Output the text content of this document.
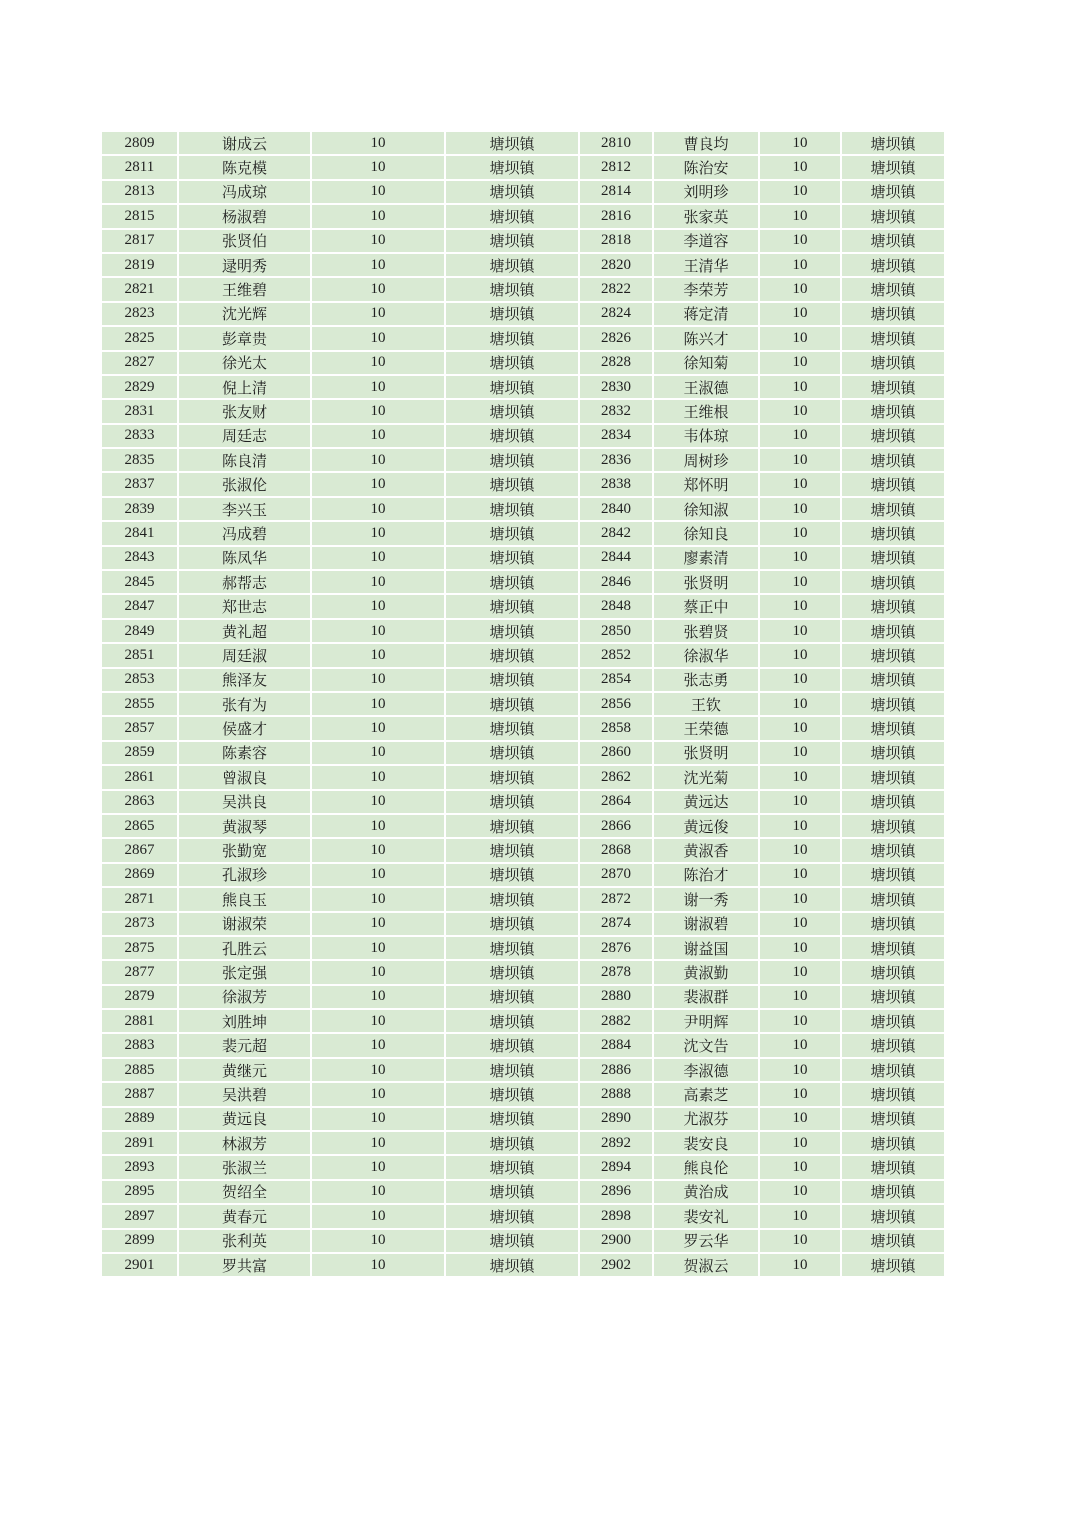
2809	谢成云	10	塘坝镇	2810	曹良均	10	塘坝镇
2811	陈克模	10	塘坝镇	2812	陈治安	10	塘坝镇
2813	冯成琼	10	塘坝镇	2814	刘明珍	10	塘坝镇
2815	杨淑碧	10	塘坝镇	2816	张家英	10	塘坝镇
2817	张贤伯	10	塘坝镇	2818	李道容	10	塘坝镇
2819	逯明秀	10	塘坝镇	2820	王清华	10	塘坝镇
2821	王维碧	10	塘坝镇	2822	李荣芳	10	塘坝镇
2823	沈光辉	10	塘坝镇	2824	蒋定清	10	塘坝镇
2825	彭章贵	10	塘坝镇	2826	陈兴才	10	塘坝镇
2827	徐光太	10	塘坝镇	2828	徐知菊	10	塘坝镇
2829	倪上清	10	塘坝镇	2830	王淑德	10	塘坝镇
2831	张友财	10	塘坝镇	2832	王维根	10	塘坝镇
2833	周廷志	10	塘坝镇	2834	韦体琼	10	塘坝镇
2835	陈良清	10	塘坝镇	2836	周树珍	10	塘坝镇
2837	张淑伦	10	塘坝镇	2838	郑怀明	10	塘坝镇
2839	李兴玉	10	塘坝镇	2840	徐知淑	10	塘坝镇
2841	冯成碧	10	塘坝镇	2842	徐知良	10	塘坝镇
2843	陈凤华	10	塘坝镇	2844	廖素清	10	塘坝镇
2845	郝帮志	10	塘坝镇	2846	张贤明	10	塘坝镇
2847	郑世志	10	塘坝镇	2848	蔡正中	10	塘坝镇
2849	黄礼超	10	塘坝镇	2850	张碧贤	10	塘坝镇
2851	周廷淑	10	塘坝镇	2852	徐淑华	10	塘坝镇
2853	熊泽友	10	塘坝镇	2854	张志勇	10	塘坝镇
2855	张有为	10	塘坝镇	2856	王钦	10	塘坝镇
2857	侯盛才	10	塘坝镇	2858	王荣德	10	塘坝镇
2859	陈素容	10	塘坝镇	2860	张贤明	10	塘坝镇
2861	曾淑良	10	塘坝镇	2862	沈光菊	10	塘坝镇
2863	吴洪良	10	塘坝镇	2864	黄远达	10	塘坝镇
2865	黄淑琴	10	塘坝镇	2866	黄远俊	10	塘坝镇
2867	张勤宽	10	塘坝镇	2868	黄淑香	10	塘坝镇
2869	孔淑珍	10	塘坝镇	2870	陈治才	10	塘坝镇
2871	熊良玉	10	塘坝镇	2872	谢一秀	10	塘坝镇
2873	谢淑荣	10	塘坝镇	2874	谢淑碧	10	塘坝镇
2875	孔胜云	10	塘坝镇	2876	谢益国	10	塘坝镇
2877	张定强	10	塘坝镇	2878	黄淑勤	10	塘坝镇
2879	徐淑芳	10	塘坝镇	2880	裴淑群	10	塘坝镇
2881	刘胜坤	10	塘坝镇	2882	尹明辉	10	塘坝镇
2883	裴元超	10	塘坝镇	2884	沈文告	10	塘坝镇
2885	黄继元	10	塘坝镇	2886	李淑德	10	塘坝镇
2887	吴洪碧	10	塘坝镇	2888	高素芝	10	塘坝镇
2889	黄远良	10	塘坝镇	2890	尤淑芬	10	塘坝镇
2891	林淑芳	10	塘坝镇	2892	裴安良	10	塘坝镇
2893	张淑兰	10	塘坝镇	2894	熊良伦	10	塘坝镇
2895	贺绍全	10	塘坝镇	2896	黄治成	10	塘坝镇
2897	黄春元	10	塘坝镇	2898	裴安礼	10	塘坝镇
2899	张利英	10	塘坝镇	2900	罗云华	10	塘坝镇
2901	罗共富	10	塘坝镇	2902	贺淑云	10	塘坝镇
